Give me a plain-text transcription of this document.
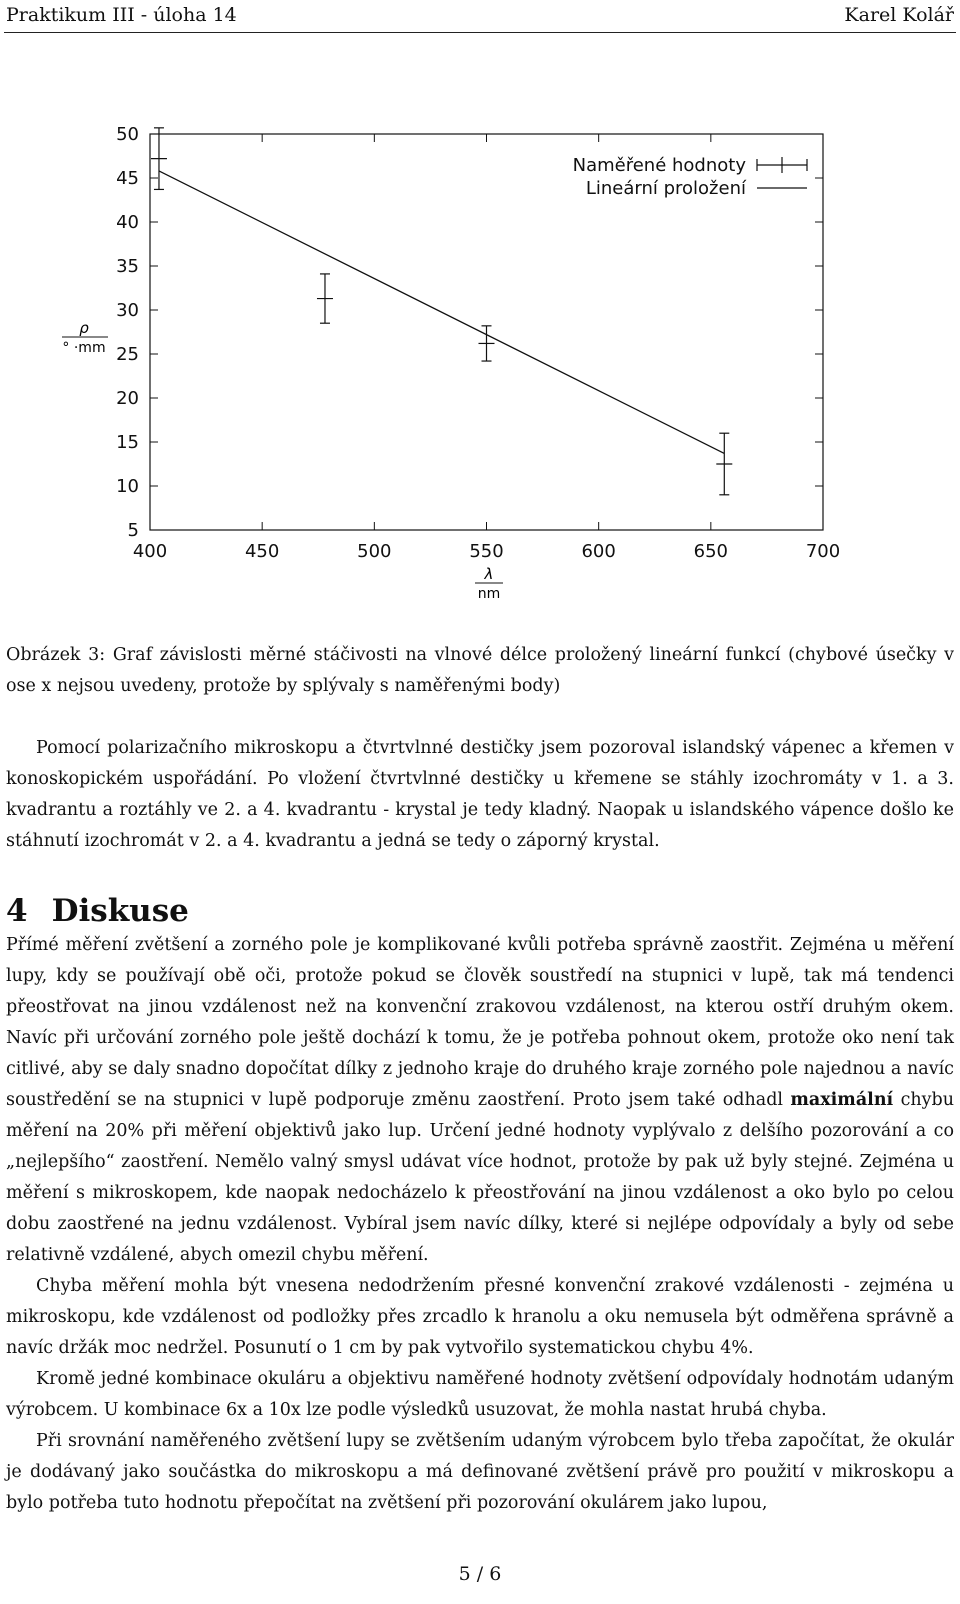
Praktikum III - úloha 14	Karel Kolář
400	450	500	550	600	650	700
50
45
40
35
30
25
20
15
10
5
Naměřené hodnoty
Lineární proložení
ρ
° ·mm
λ
nm
Obrázek 3: Graf závislosti měrné stáčivosti na vlnové délce proložený lineární funkcí (chybové úsečky v ose x nejsou uvedeny, protože by splývaly s naměřenými body)

Pomocí polarizačního mikroskopu a čtvrtvlnné destičky jsem pozoroval islandský vápenec a křemen v konoskopickém uspořádání. Po vložení čtvrtvlnné destičky u křemene se stáhly izochromáty v 1. a 3. kvadrantu a roztáhly ve 2. a 4. kvadrantu - krystal je tedy kladný. Naopak u islandského vápence došlo ke stáhnutí izochromát v 2. a 4. kvadrantu a jedná se tedy o záporný krystal.

4 Diskuse

Přímé měření zvětšení a zorného pole je komplikované kvůli potřeba správně zaostřit. Zejména u měření lupy, kdy se používají obě oči, protože pokud se člověk soustředí na stupnici v lupě, tak má tendenci přeostřovat na jinou vzdálenost než na konvenční zrakovou vzdálenost, na kterou ostří druhým okem. Navíc při určování zorného pole ještě dochází k tomu, že je potřeba pohnout okem, protože oko není tak citlivé, aby se daly snadno dopočítat dílky z jednoho kraje do druhého kraje zorného pole najednou a navíc soustředění se na stupnici v lupě podporuje změnu zaostření. Proto jsem také odhadl maximální chybu měření na 20% při měření objektivů jako lup. Určení jedné hodnoty vyplývalo z delšího pozorování a co „nejlepšího“ zaostření. Nemělo valný smysl udávat více hodnot, protože by pak už byly stejné. Zejména u měření s mikroskopem, kde naopak nedocházelo k přeostřování na jinou vzdálenost a oko bylo po celou dobu zaostřené na jednu vzdálenost. Vybíral jsem navíc dílky, které si nejlépe odpovídaly a byly od sebe relativně vzdálené, abych omezil chybu měření.

Chyba měření mohla být vnesena nedodržením přesné konvenční zrakové vzdálenosti - zejména u mikroskopu, kde vzdálenost od podložky přes zrcadlo k hranolu a oku nemusela být odměřena správně a navíc držák moc nedržel. Posunutí o 1 cm by pak vytvořilo systematickou chybu 4%.

Kromě jedné kombinace okuláru a objektivu naměřené hodnoty zvětšení odpovídaly hodnotám udaným výrobcem. U kombinace 6x a 10x lze podle výsledků usuzovat, že mohla nastat hrubá chyba.

Při srovnání naměřeného zvětšení lupy se zvětšením udaným výrobcem bylo třeba započítat, že okulár je dodávaný jako součástka do mikroskopu a má definované zvětšení právě pro použití v mikroskopu a bylo potřeba tuto hodnotu přepočítat na zvětšení při pozorování okulárem jako lupou,

5 / 6
